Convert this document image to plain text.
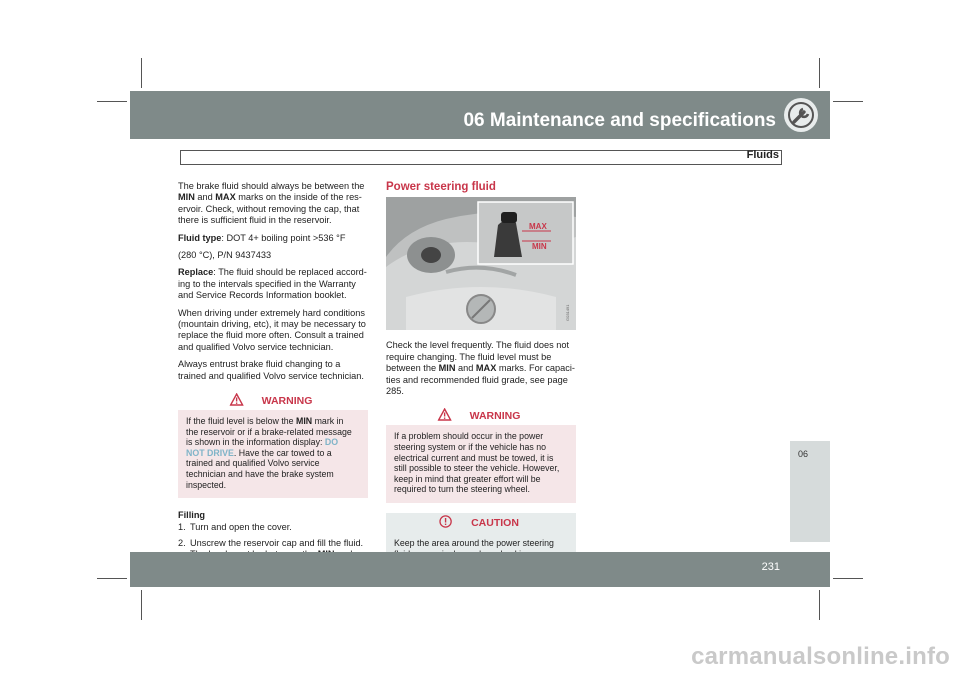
06 Maintenance and specifications
Fluids
06

The brake fluid should always be between the MIN and MAX marks on the inside of the reservoir. Check, without removing the cap, that there is sufficient fluid in the reservoir.

Fluid type: DOT 4+ boiling point >536 °F

(280 °C), P/N 9437433

Replace: The fluid should be replaced according to the intervals specified in the Warranty and Service Records Information booklet.

When driving under extremely hard conditions (mountain driving, etc), it may be necessary to replace the fluid more often. Consult a trained and qualified Volvo service technician.

Always entrust brake fluid changing to a trained and qualified Volvo service technician.

WARNING
If the fluid level is below the MIN mark in the reservoir or if a brake-related message is shown in the information display: DO NOT DRIVE. Have the car towed to a trained and qualified Volvo service technician and have the brake system inspected.
Filling
1. Turn and open the cover.
2. Unscrew the reservoir cap and fill the fluid.
Power steering fluid
MAX
MIN
G031491

Check the level frequently. The fluid does not require changing. The fluid level must be between the MIN and MAX marks. For capacities and recommended fluid grade, see page 285.

WARNING
If a problem should occur in the power steering system or if the vehicle has no electrical current and must be towed, it is still possible to steer the vehicle. However, keep in mind that greater effort will be required to turn the steering wheel.
CAUTION
Keep the area around the power steering
231
carmanualsonline.info
